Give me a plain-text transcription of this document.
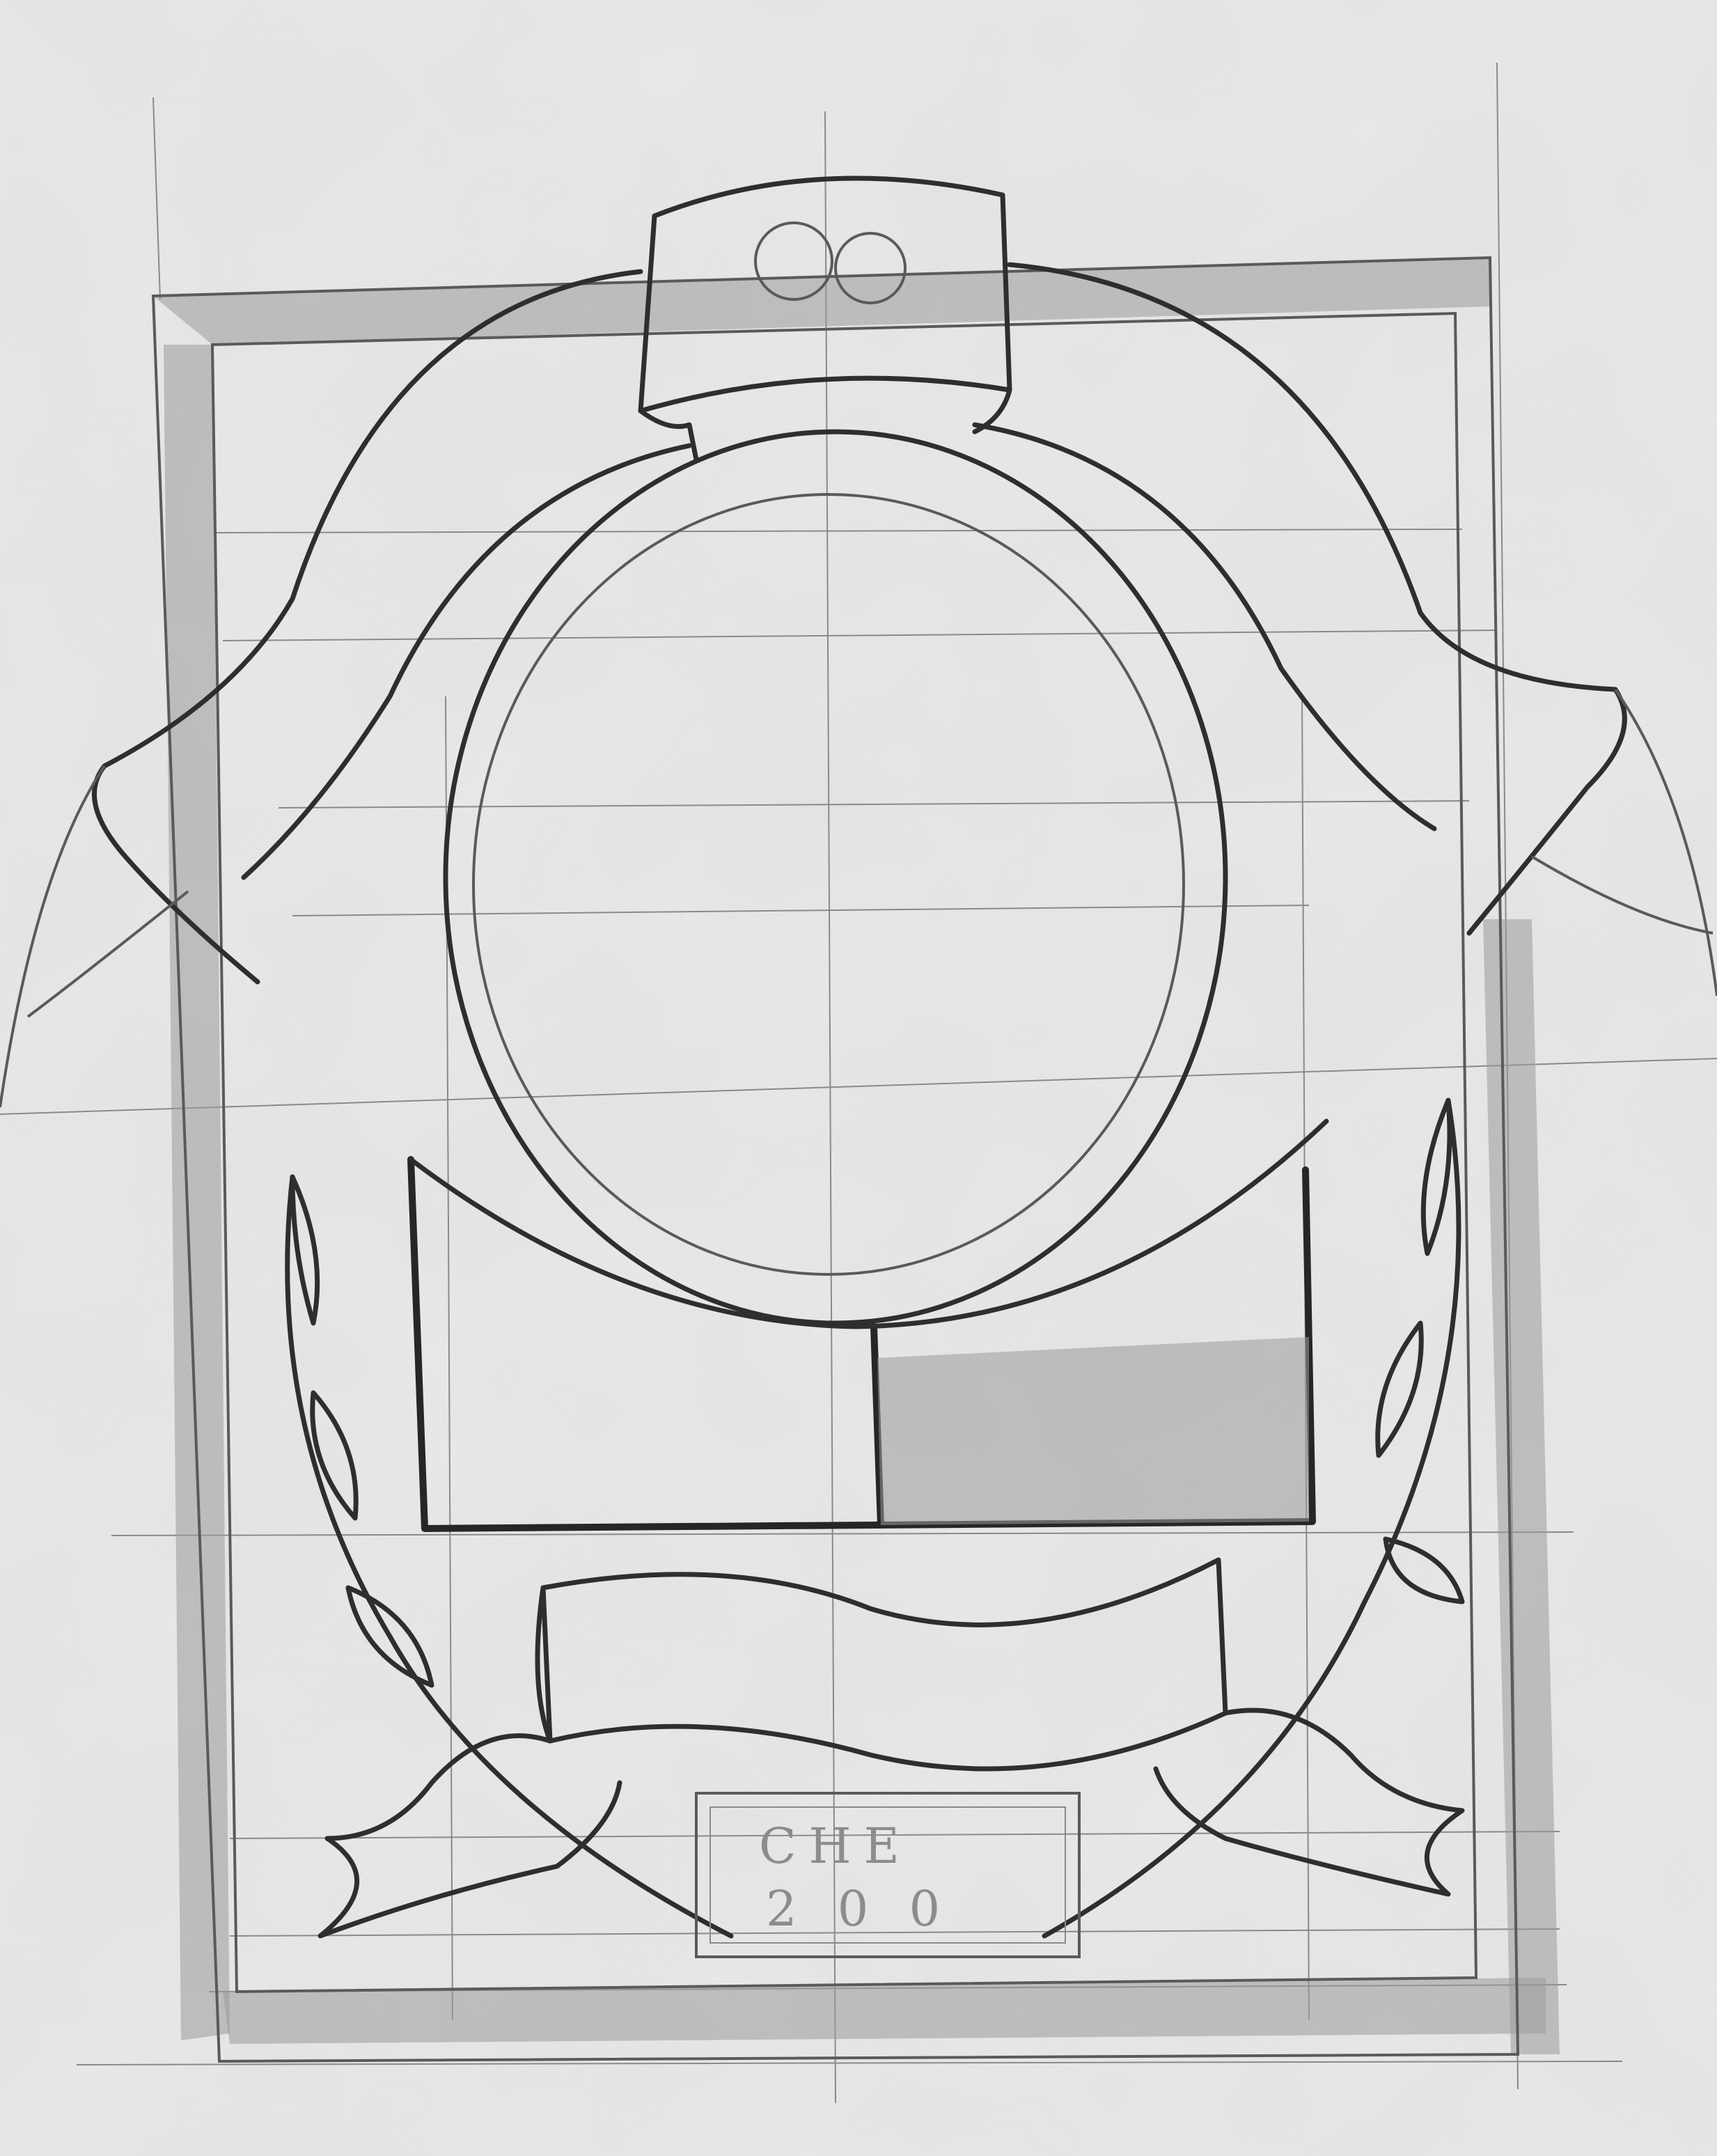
CHE
2 0 0
